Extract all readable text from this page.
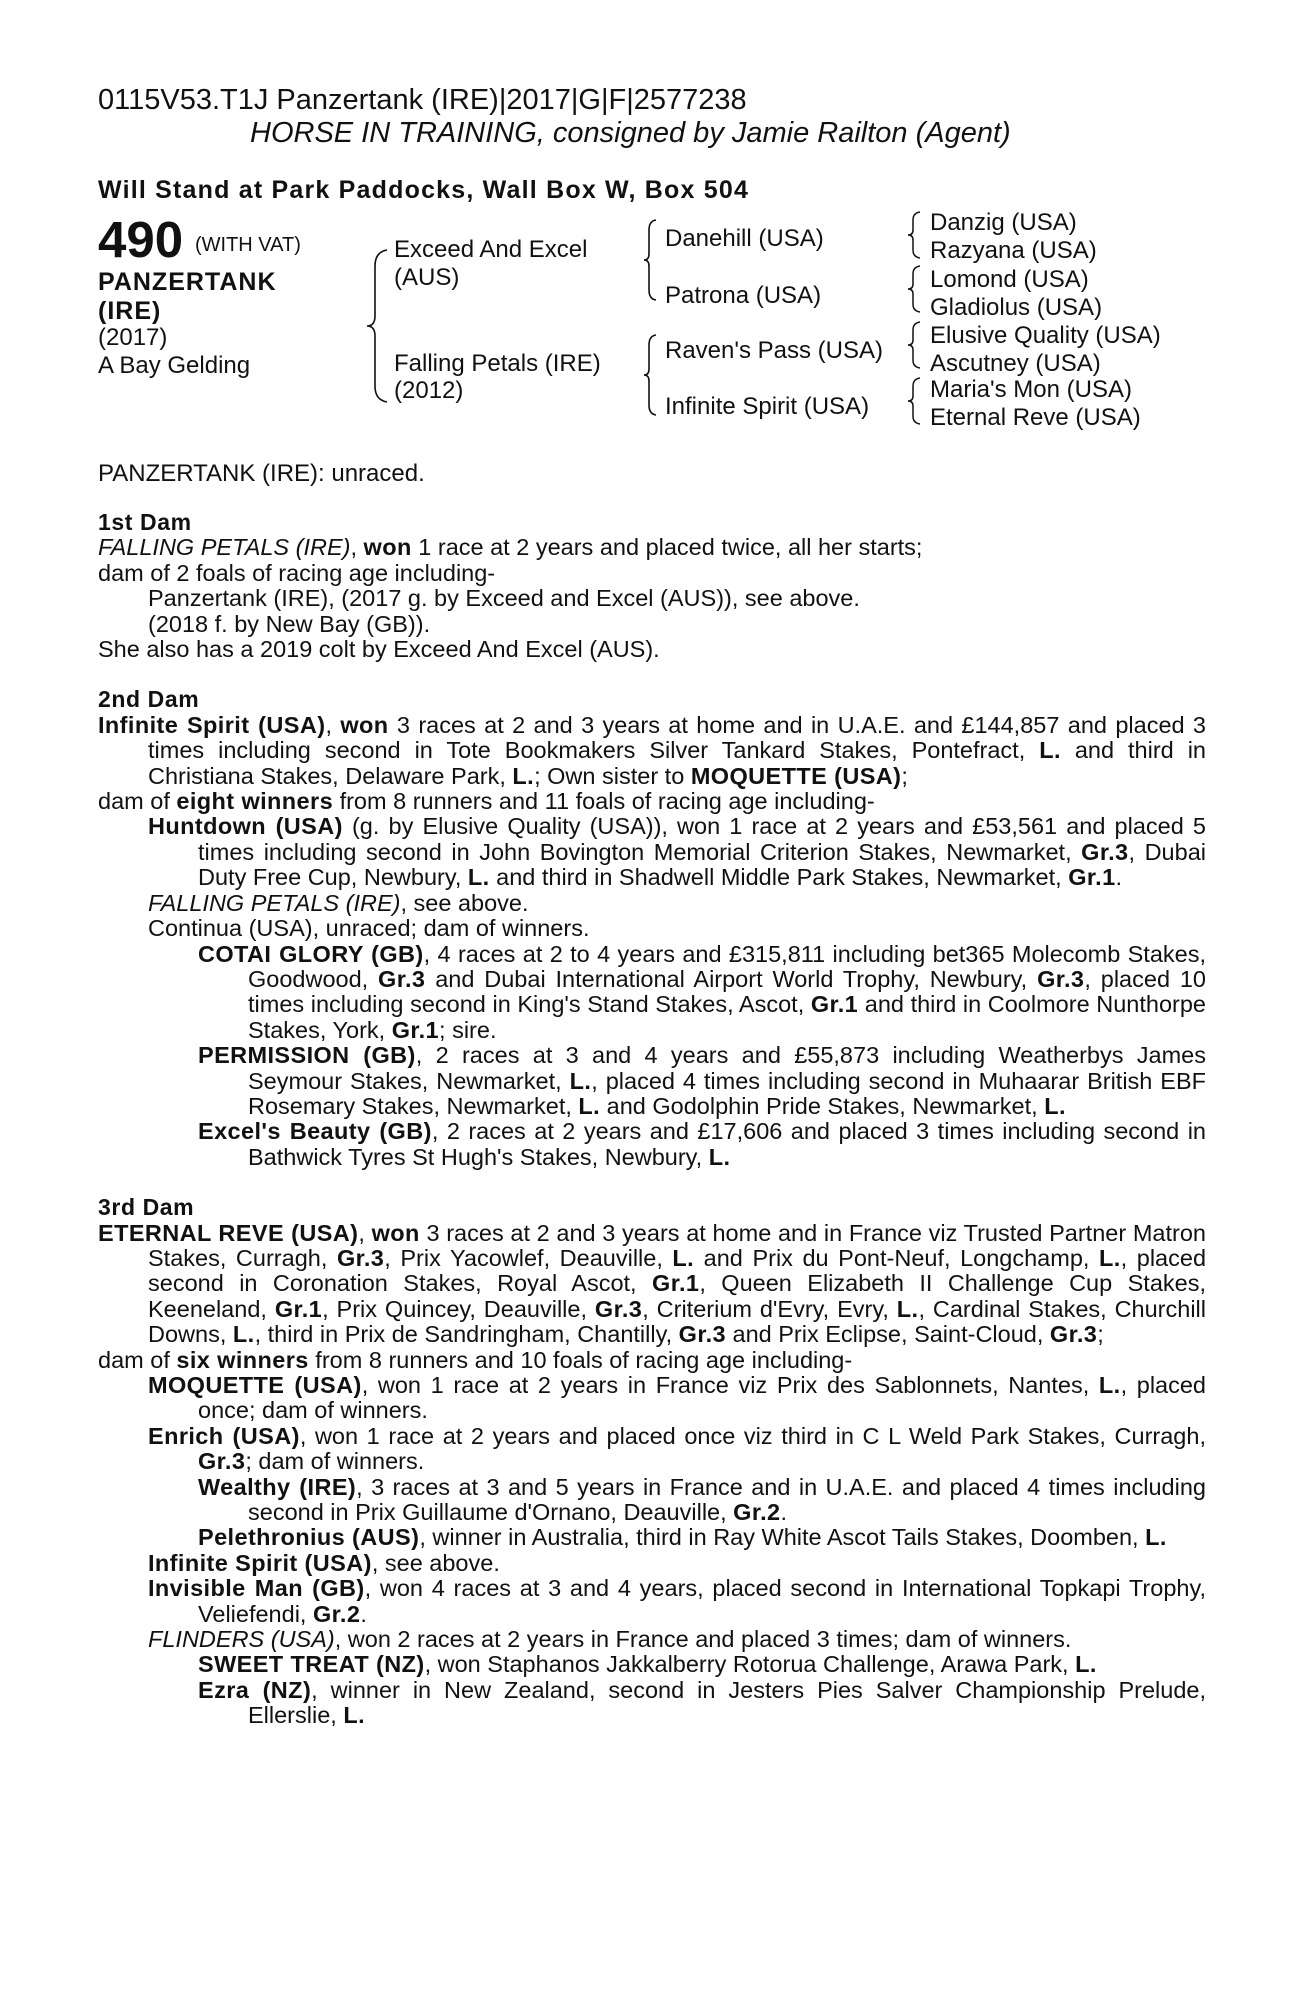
0115V53.T1J Panzertank (IRE)|2017|G|F|2577238
HORSE IN TRAINING, consigned by Jamie Railton (Agent)
Will Stand at Park Paddocks, Wall Box W, Box 504
490 (WITH VAT)
PANZERTANK
(IRE)
(2017)
A Bay Gelding
Exceed And Excel
(AUS)
Falling Petals (IRE)
(2012)
Danehill (USA)
Patrona (USA)
Raven's Pass (USA)
Infinite Spirit (USA)
Danzig (USA)
Razyana (USA)
Lomond (USA)
Gladiolus (USA)
Elusive Quality (USA)
Ascutney (USA)
Maria's Mon (USA)
Eternal Reve (USA)
PANZERTANK (IRE): unraced.
1st Dam
FALLING PETALS (IRE), won 1 race at 2 years and placed twice, all her starts;
dam of 2 foals of racing age including-
Panzertank (IRE), (2017 g. by Exceed and Excel (AUS)), see above.
(2018 f. by New Bay (GB)).
She also has a 2019 colt by Exceed And Excel (AUS).
2nd Dam
Infinite Spirit (USA), won 3 races at 2 and 3 years at home and in U.A.E. and £144,857 and placed 3 times including second in Tote Bookmakers Silver Tankard Stakes, Pontefract, L. and third in Christiana Stakes, Delaware Park, L.; Own sister to MOQUETTE (USA);
dam of eight winners from 8 runners and 11 foals of racing age including-
Huntdown (USA) (g. by Elusive Quality (USA)), won 1 race at 2 years and £53,561 and placed 5 times including second in John Bovington Memorial Criterion Stakes, Newmarket, Gr.3, Dubai Duty Free Cup, Newbury, L. and third in Shadwell Middle Park Stakes, Newmarket, Gr.1.
FALLING PETALS (IRE), see above.
Continua (USA), unraced; dam of winners.
COTAI GLORY (GB), 4 races at 2 to 4 years and £315,811 including bet365 Molecomb Stakes, Goodwood, Gr.3 and Dubai International Airport World Trophy, Newbury, Gr.3, placed 10 times including second in King's Stand Stakes, Ascot, Gr.1 and third in Coolmore Nunthorpe Stakes, York, Gr.1; sire.
PERMISSION (GB), 2 races at 3 and 4 years and £55,873 including Weatherbys James Seymour Stakes, Newmarket, L., placed 4 times including second in Muhaarar British EBF Rosemary Stakes, Newmarket, L. and Godolphin Pride Stakes, Newmarket, L.
Excel's Beauty (GB), 2 races at 2 years and £17,606 and placed 3 times including second in Bathwick Tyres St Hugh's Stakes, Newbury, L.
3rd Dam
ETERNAL REVE (USA), won 3 races at 2 and 3 years at home and in France viz Trusted Partner Matron Stakes, Curragh, Gr.3, Prix Yacowlef, Deauville, L. and Prix du Pont-Neuf, Longchamp, L., placed second in Coronation Stakes, Royal Ascot, Gr.1, Queen Elizabeth II Challenge Cup Stakes, Keeneland, Gr.1, Prix Quincey, Deauville, Gr.3, Criterium d'Evry, Evry, L., Cardinal Stakes, Churchill Downs, L., third in Prix de Sandringham, Chantilly, Gr.3 and Prix Eclipse, Saint-Cloud, Gr.3;
dam of six winners from 8 runners and 10 foals of racing age including-
MOQUETTE (USA), won 1 race at 2 years in France viz Prix des Sablonnets, Nantes, L., placed once; dam of winners.
Enrich (USA), won 1 race at 2 years and placed once viz third in C L Weld Park Stakes, Curragh, Gr.3; dam of winners.
Wealthy (IRE), 3 races at 3 and 5 years in France and in U.A.E. and placed 4 times including second in Prix Guillaume d'Ornano, Deauville, Gr.2.
Pelethronius (AUS), winner in Australia, third in Ray White Ascot Tails Stakes, Doomben, L.
Infinite Spirit (USA), see above.
Invisible Man (GB), won 4 races at 3 and 4 years, placed second in International Topkapi Trophy, Veliefendi, Gr.2.
FLINDERS (USA), won 2 races at 2 years in France and placed 3 times; dam of winners.
SWEET TREAT (NZ), won Staphanos Jakkalberry Rotorua Challenge, Arawa Park, L.
Ezra (NZ), winner in New Zealand, second in Jesters Pies Salver Championship Prelude, Ellerslie, L.
